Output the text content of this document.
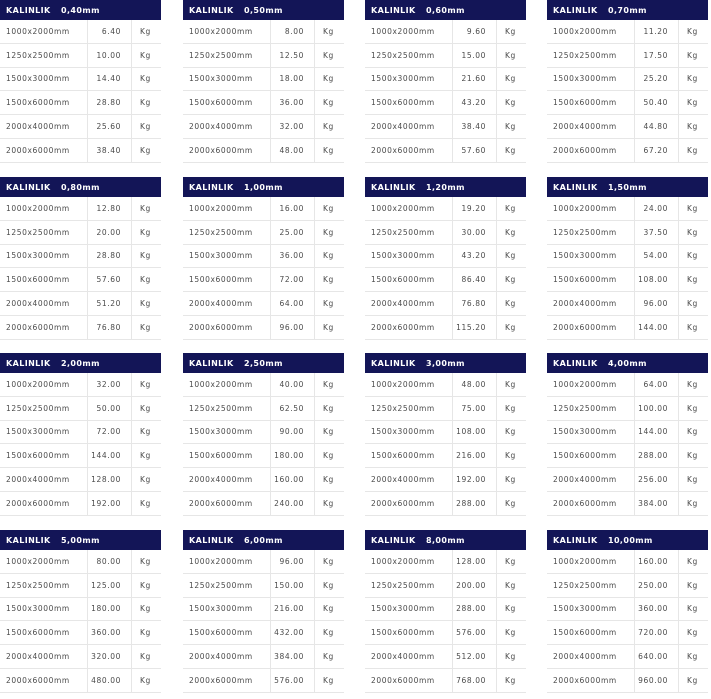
KALINLIK	0,40mm
1000x2000mm	6.40	Kg
1250x2500mm	10.00	Kg
1500x3000mm	14.40	Kg
1500x6000mm	28.80	Kg
2000x4000mm	25.60	Kg
2000x6000mm	38.40	Kg
KALINLIK	0,50mm
1000x2000mm	8.00	Kg
1250x2500mm	12.50	Kg
1500x3000mm	18.00	Kg
1500x6000mm	36.00	Kg
2000x4000mm	32.00	Kg
2000x6000mm	48.00	Kg
KALINLIK	0,60mm
1000x2000mm	9.60	Kg
1250x2500mm	15.00	Kg
1500x3000mm	21.60	Kg
1500x6000mm	43.20	Kg
2000x4000mm	38.40	Kg
2000x6000mm	57.60	Kg
KALINLIK	0,70mm
1000x2000mm	11.20	Kg
1250x2500mm	17.50	Kg
1500x3000mm	25.20	Kg
1500x6000mm	50.40	Kg
2000x4000mm	44.80	Kg
2000x6000mm	67.20	Kg
KALINLIK	0,80mm
1000x2000mm	12.80	Kg
1250x2500mm	20.00	Kg
1500x3000mm	28.80	Kg
1500x6000mm	57.60	Kg
2000x4000mm	51.20	Kg
2000x6000mm	76.80	Kg
KALINLIK	1,00mm
1000x2000mm	16.00	Kg
1250x2500mm	25.00	Kg
1500x3000mm	36.00	Kg
1500x6000mm	72.00	Kg
2000x4000mm	64.00	Kg
2000x6000mm	96.00	Kg
KALINLIK	1,20mm
1000x2000mm	19.20	Kg
1250x2500mm	30.00	Kg
1500x3000mm	43.20	Kg
1500x6000mm	86.40	Kg
2000x4000mm	76.80	Kg
2000x6000mm	115.20	Kg
KALINLIK	1,50mm
1000x2000mm	24.00	Kg
1250x2500mm	37.50	Kg
1500x3000mm	54.00	Kg
1500x6000mm	108.00	Kg
2000x4000mm	96.00	Kg
2000x6000mm	144.00	Kg
KALINLIK	2,00mm
1000x2000mm	32.00	Kg
1250x2500mm	50.00	Kg
1500x3000mm	72.00	Kg
1500x6000mm	144.00	Kg
2000x4000mm	128.00	Kg
2000x6000mm	192.00	Kg
KALINLIK	2,50mm
1000x2000mm	40.00	Kg
1250x2500mm	62.50	Kg
1500x3000mm	90.00	Kg
1500x6000mm	180.00	Kg
2000x4000mm	160.00	Kg
2000x6000mm	240.00	Kg
KALINLIK	3,00mm
1000x2000mm	48.00	Kg
1250x2500mm	75.00	Kg
1500x3000mm	108.00	Kg
1500x6000mm	216.00	Kg
2000x4000mm	192.00	Kg
2000x6000mm	288.00	Kg
KALINLIK	4,00mm
1000x2000mm	64.00	Kg
1250x2500mm	100.00	Kg
1500x3000mm	144.00	Kg
1500x6000mm	288.00	Kg
2000x4000mm	256.00	Kg
2000x6000mm	384.00	Kg
KALINLIK	5,00mm
1000x2000mm	80.00	Kg
1250x2500mm	125.00	Kg
1500x3000mm	180.00	Kg
1500x6000mm	360.00	Kg
2000x4000mm	320.00	Kg
2000x6000mm	480.00	Kg
KALINLIK	6,00mm
1000x2000mm	96.00	Kg
1250x2500mm	150.00	Kg
1500x3000mm	216.00	Kg
1500x6000mm	432.00	Kg
2000x4000mm	384.00	Kg
2000x6000mm	576.00	Kg
KALINLIK	8,00mm
1000x2000mm	128.00	Kg
1250x2500mm	200.00	Kg
1500x3000mm	288.00	Kg
1500x6000mm	576.00	Kg
2000x4000mm	512.00	Kg
2000x6000mm	768.00	Kg
KALINLIK	10,00mm
1000x2000mm	160.00	Kg
1250x2500mm	250.00	Kg
1500x3000mm	360.00	Kg
1500x6000mm	720.00	Kg
2000x4000mm	640.00	Kg
2000x6000mm	960.00	Kg
